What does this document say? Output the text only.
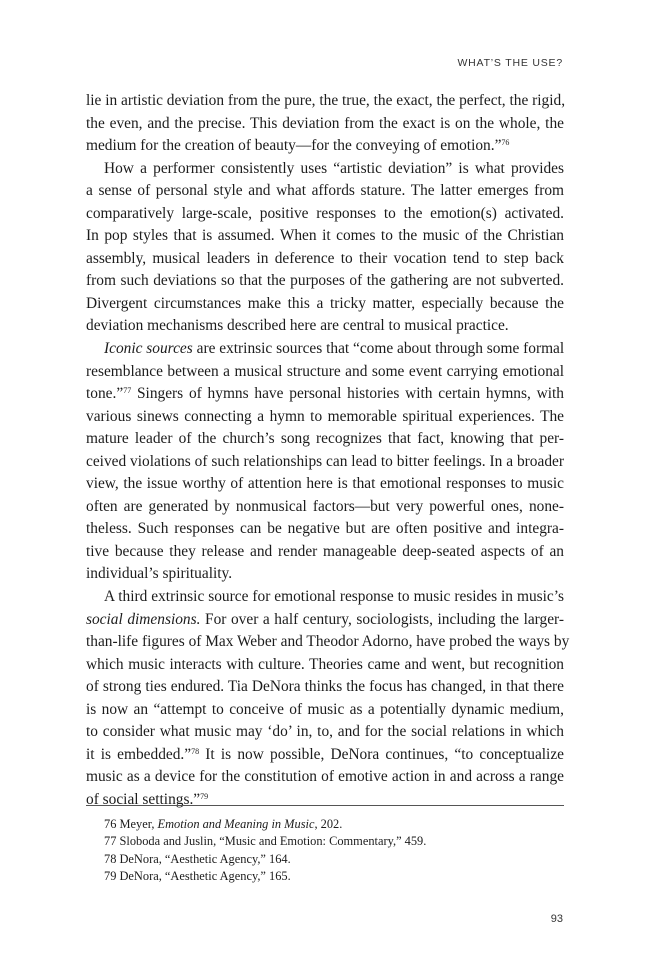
WHAT’S THE USE?
lie in artistic deviation from the pure, the true, the exact, the perfect, the rigid,
the even, and the precise. This deviation from the exact is on the whole, the
medium for the creation of beauty—for the conveying of emotion.”$^{76}$
How a performer consistently uses “artistic deviation” is what provides
a sense of personal style and what affords stature. The latter emerges from
comparatively large-scale, positive responses to the emotion(s) activated.
In pop styles that is assumed. When it comes to the music of the Christian
assembly, musical leaders in deference to their vocation tend to step back
from such deviations so that the purposes of the gathering are not subverted.
Divergent circumstances make this a tricky matter, especially because the
deviation mechanisms described here are central to musical practice.
Iconic sources are extrinsic sources that “come about through some formal
resemblance between a musical structure and some event carrying emotional
tone.”$^{77}$ Singers of hymns have personal histories with certain hymns, with
various sinews connecting a hymn to memorable spiritual experiences. The
mature leader of the church’s song recognizes that fact, knowing that per-
ceived violations of such relationships can lead to bitter feelings. In a broader
view, the issue worthy of attention here is that emotional responses to music
often are generated by nonmusical factors—but very powerful ones, none-
theless. Such responses can be negative but are often positive and integra-
tive because they release and render manageable deep-seated aspects of an
individual’s spirituality.
A third extrinsic source for emotional response to music resides in music’s
social dimensions. For over a half century, sociologists, including the larger-
than-life figures of Max Weber and Theodor Adorno, have probed the ways by
which music interacts with culture. Theories came and went, but recognition
of strong ties endured. Tia DeNora thinks the focus has changed, in that there
is now an “attempt to conceive of music as a potentially dynamic medium,
to consider what music may ‘do’ in, to, and for the social relations in which
it is embedded.”$^{78}$ It is now possible, DeNora continues, “to conceptualize
music as a device for the constitution of emotive action in and across a range
of social settings.”$^{79}$
76 Meyer, Emotion and Meaning in Music, 202.
77 Sloboda and Juslin, “Music and Emotion: Commentary,” 459.
78 DeNora, “Aesthetic Agency,” 164.
79 DeNora, “Aesthetic Agency,” 165.
93
